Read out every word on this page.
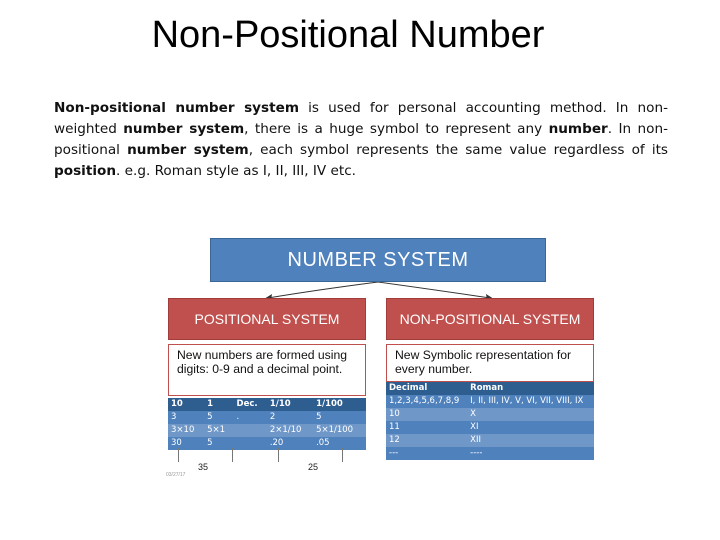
Non-Positional Number
Non-positional number system is used for personal accounting method. In non-weighted number system, there is a huge symbol to represent any number. In non-positional number system, each symbol represents the same value regardless of its position. e.g. Roman style as I, II, III, IV etc.
NUMBER SYSTEM
POSITIONAL SYSTEM	NON-POSITIONAL SYSTEM
New numbers are formed using digits: 0-9 and a decimal point.
New Symbolic representation for every number.
10	1	Dec.	1/10	1/100
3	5	.	2	5
3×10	5×1		2×1/10	5×1/100
30	5		.20	.05
Decimal	Roman
1,2,3,4,5,6,7,8,9	I, II, III, IV, V, VI, VII, VIII, IX
10	X
11	XI
12	XII
---	----
35	25
03/27/17
